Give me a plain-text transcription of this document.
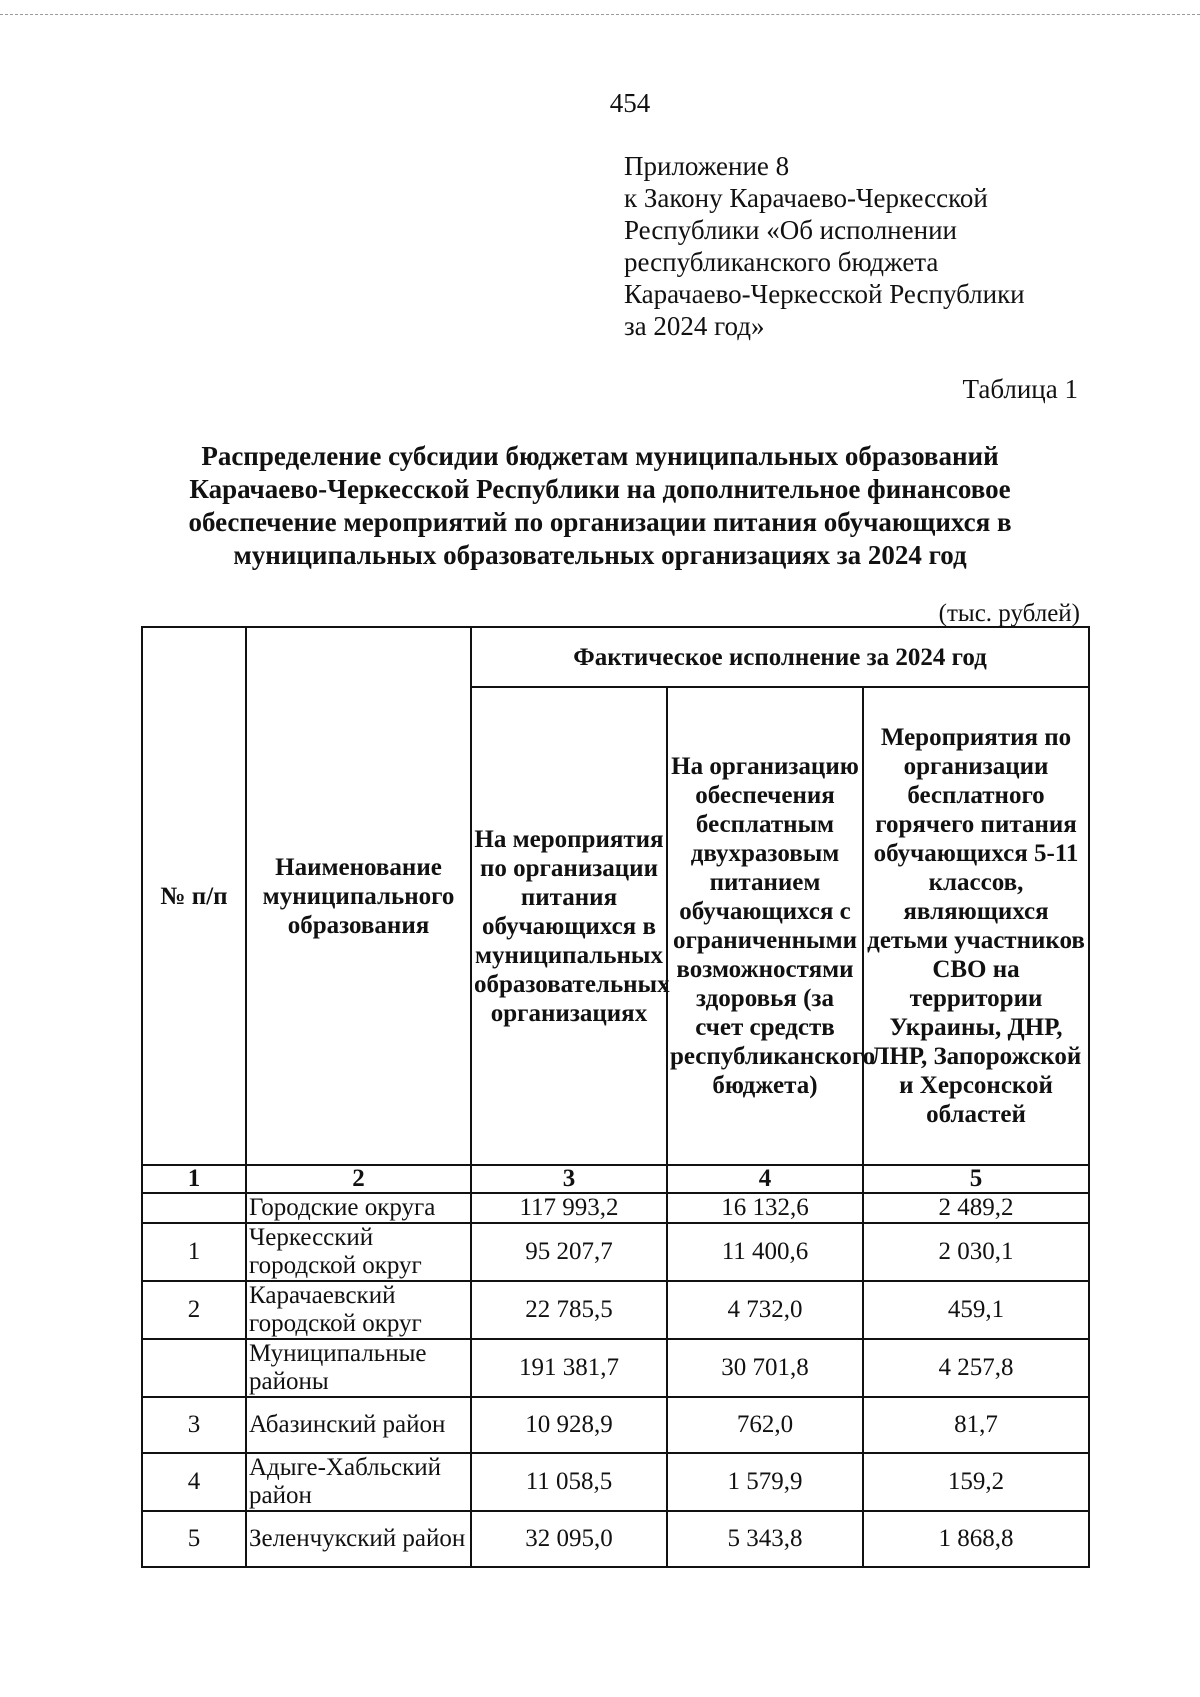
454
Приложение 8
к Закону Карачаево-Черкесской
Республики «Об исполнении
республиканского бюджета
Карачаево-Черкесской Республики
за 2024 год»
Таблица 1
Распределение субсидии бюджетам муниципальных образований
Карачаево-Черкесской Республики на дополнительное финансовое
обеспечение мероприятий по организации питания обучающихся в
муниципальных образовательных организациях за 2024 год
(тыс. рублей)
№ п/п	Наименование муниципального образования	Фактическое исполнение за 2024 год		
		На мероприятия по организации питания обучающихся в муниципальных образовательных организациях	На организацию обеспечения бесплатным двухразовым питанием обучающихся с ограниченными возможностями здоровья (за счет средств республиканского бюджета)	Мероприятия по организации бесплатного горячего питания обучающихся 5-11 классов, являющихся детьми участников СВО на территории Украины, ДНР, ЛНР, Запорожской и Херсонской областей
1	2	3	4	5
	Городские округа	117 993,2	16 132,6	2 489,2
1	Черкесский городской округ	95 207,7	11 400,6	2 030,1
2	Карачаевский городской округ	22 785,5	4 732,0	459,1
	Муниципальные районы	191 381,7	30 701,8	4 257,8
3	Абазинский район	10 928,9	762,0	81,7
4	Адыге-Хабльский район	11 058,5	1 579,9	159,2
5	Зеленчукский район	32 095,0	5 343,8	1 868,8
